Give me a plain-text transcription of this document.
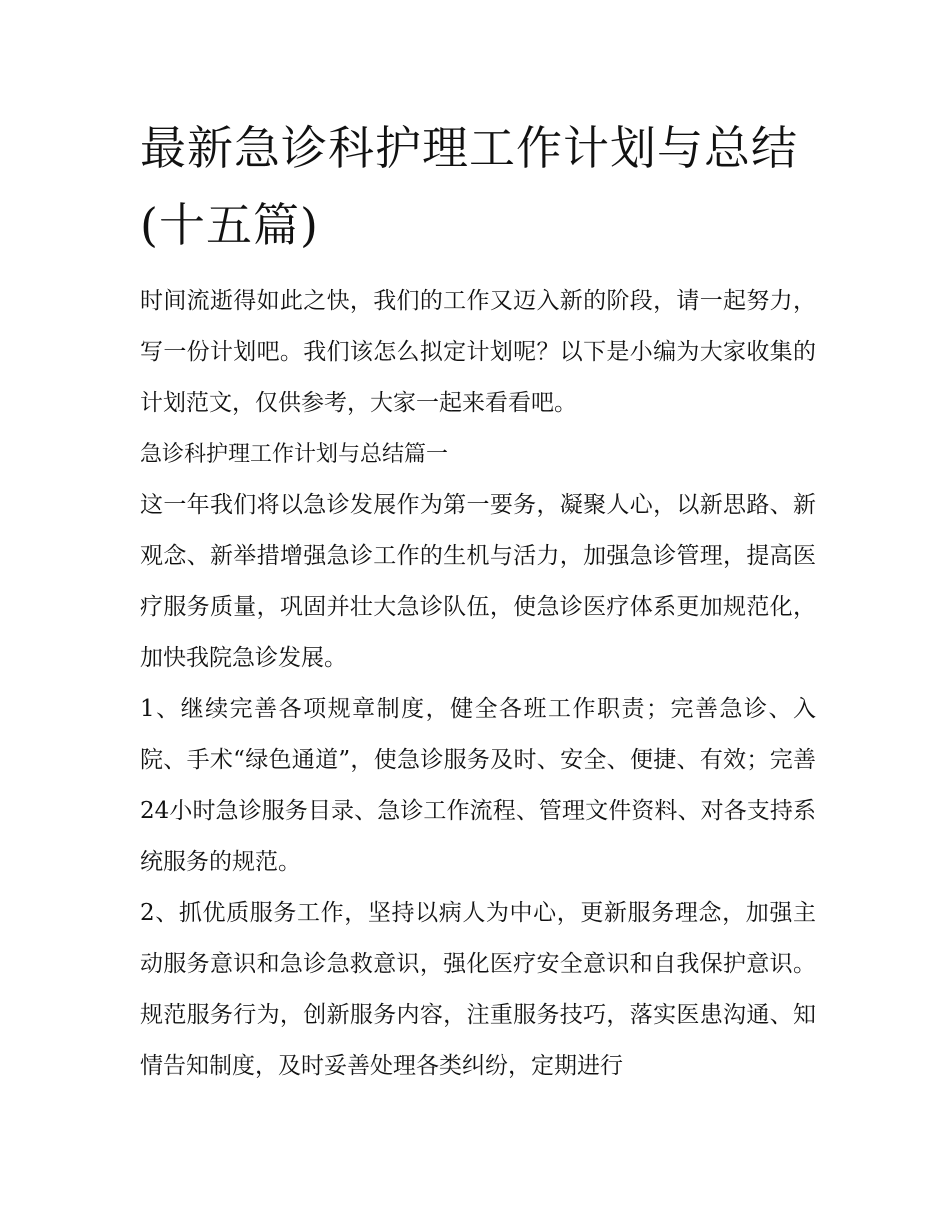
最新急诊科护理工作计划与总结(十五篇)

时间流逝得如此之快，我们的工作又迈入新的阶段，请一起努力，写一份计划吧。我们该怎么拟定计划呢？以下是小编为大家收集的计划范文，仅供参考，大家一起来看看吧。

急诊科护理工作计划与总结篇一

这一年我们将以急诊发展作为第一要务，凝聚人心，以新思路、新观念、新举措增强急诊工作的生机与活力，加强急诊管理，提高医疗服务质量，巩固并壮大急诊队伍，使急诊医疗体系更加规范化，加快我院急诊发展。

1、继续完善各项规章制度，健全各班工作职责；完善急诊、入院、手术“绿色通道”，使急诊服务及时、安全、便捷、有效；完善24小时急诊服务目录、急诊工作流程、管理文件资料、对各支持系统服务的规范。

2、抓优质服务工作，坚持以病人为中心，更新服务理念，加强主动服务意识和急诊急救意识，强化医疗安全意识和自我保护意识。规范服务行为，创新服务内容，注重服务技巧，落实医患沟通、知情告知制度，及时妥善处理各类纠纷，定期进行
